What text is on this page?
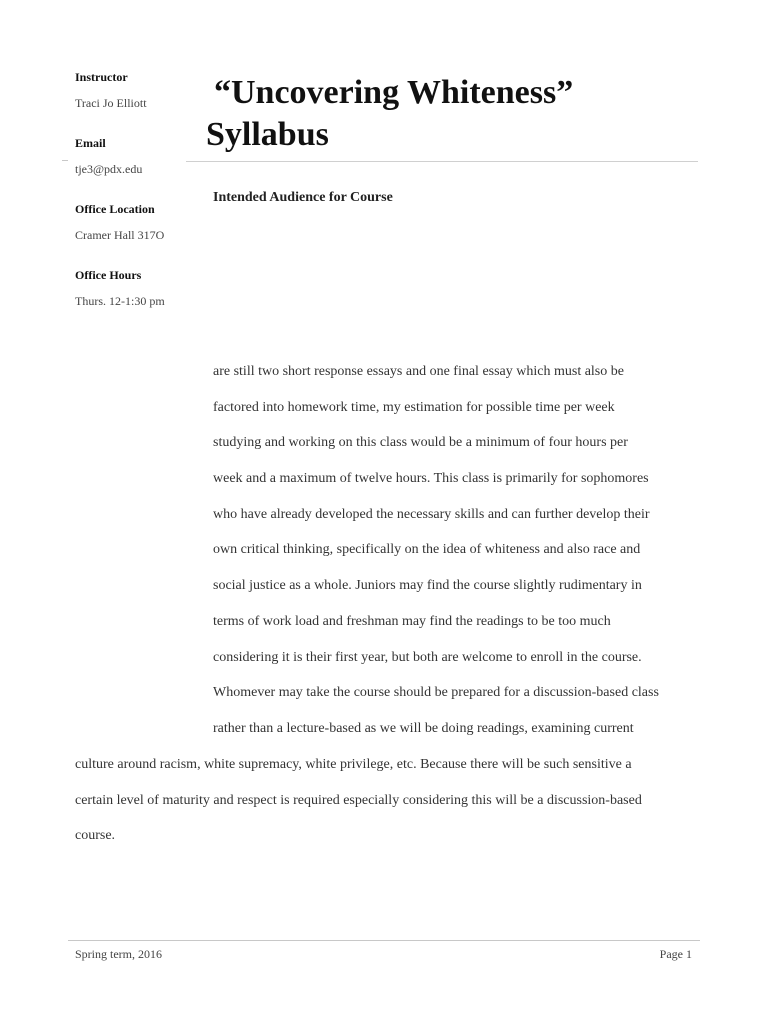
Instructor

Traci Jo Elliott

Email

tje3@pdx.edu

Office Location

Cramer Hall 317O

Office Hours

Thurs. 12-1:30 pm

“Uncovering Whiteness”
Syllabus
Intended Audience for Course
are still two short response essays and one final essay which must also be
factored into homework time, my estimation for possible time per week
studying and working on this class would be a minimum of four hours per
week and a maximum of twelve hours. This class is primarily for sophomores
who have already developed the necessary skills and can further develop their
own critical thinking, specifically on the idea of whiteness and also race and
social justice as a whole. Juniors may find the course slightly rudimentary in
terms of work load and freshman may find the readings to be too much
considering it is their first year, but both are welcome to enroll in the course.
Whomever may take the course should be prepared for a discussion-based class
rather than a lecture-based as we will be doing readings, examining current
culture around racism, white supremacy, white privilege, etc. Because there will be such sensitive a
certain level of maturity and respect is required especially considering this will be a discussion-based
course.
Spring term, 2016	Page 1
